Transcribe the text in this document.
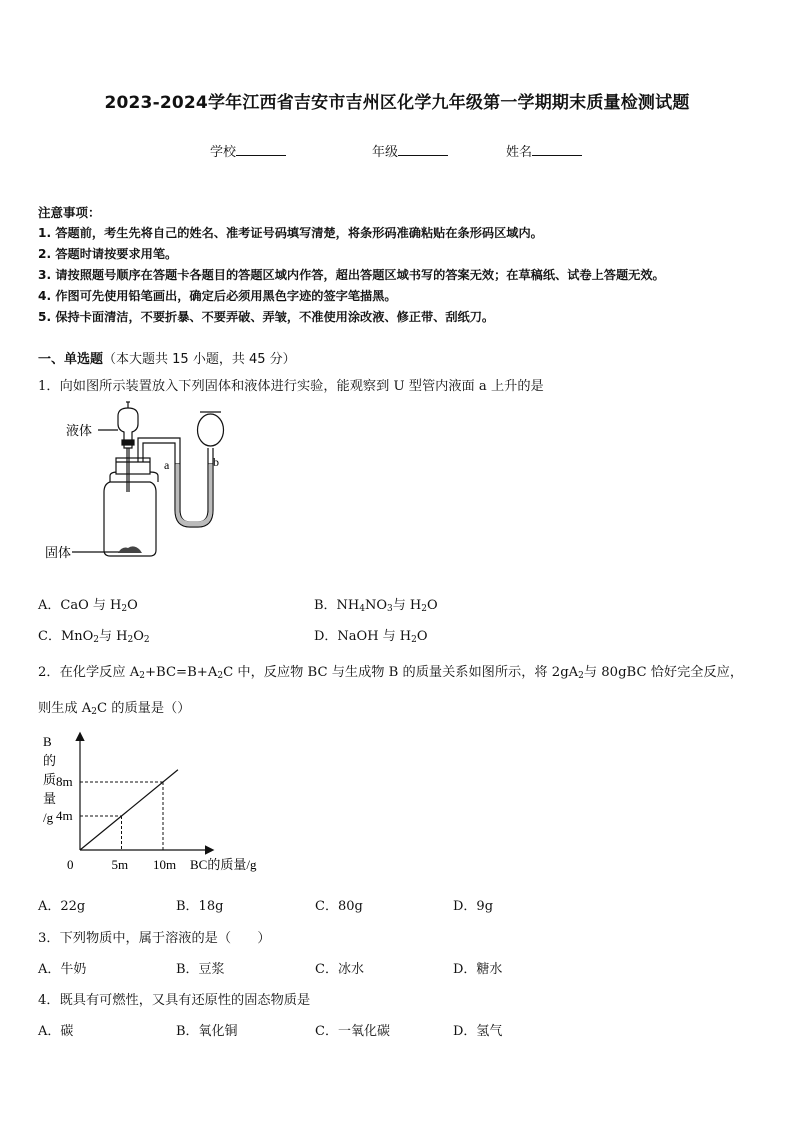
2023-2024学年江西省吉安市吉州区化学九年级第一学期期末质量检测试题
学校	年级	姓名
注意事项：
1. 答题前，考生先将自己的姓名、准考证号码填写清楚，将条形码准确粘贴在条形码区域内。
2. 答题时请按要求用笔。
3. 请按照题号顺序在答题卡各题目的答题区域内作答，超出答题区域书写的答案无效；在草稿纸、试卷上答题无效。
4. 作图可先使用铅笔画出，确定后必须用黑色字迹的签字笔描黑。
5. 保持卡面清洁，不要折暴、不要弄破、弄皱，不准使用涂改液、修正带、刮纸刀。
一、单选题（本大题共 15 小题，共 45 分）
1．向如图所示装置放入下列固体和液体进行实验，能观察到 U 型管内液面 a 上升的是
液体
固体
a	b
A．CaO 与 $H_2O$	B．$NH_4NO_3$与 $H_2O$
C．MnO$_2$与 $H_2O_2$	D．NaOH 与 $H_2O$
2．在化学反应 $A_2+BC=B+A_2C$ 中，反应物 BC 与生成物 B 的质量关系如图所示，将 $2gA_2$与 80gBC 恰好完全反应，
则生成 $A_2C$ 的质量是（）
B
的
质
量
/g
0	BC的质量/g
5m 10m
4m
8m
A．22g	B．18g	C．80g	D．9g
3．下列物质中，属于溶液的是（　　）
A．牛奶	B．豆浆	C．冰水	D．糖水
4．既具有可燃性，又具有还原性的固态物质是
A．碳	B．氧化铜	C．一氧化碳	D．氢气
